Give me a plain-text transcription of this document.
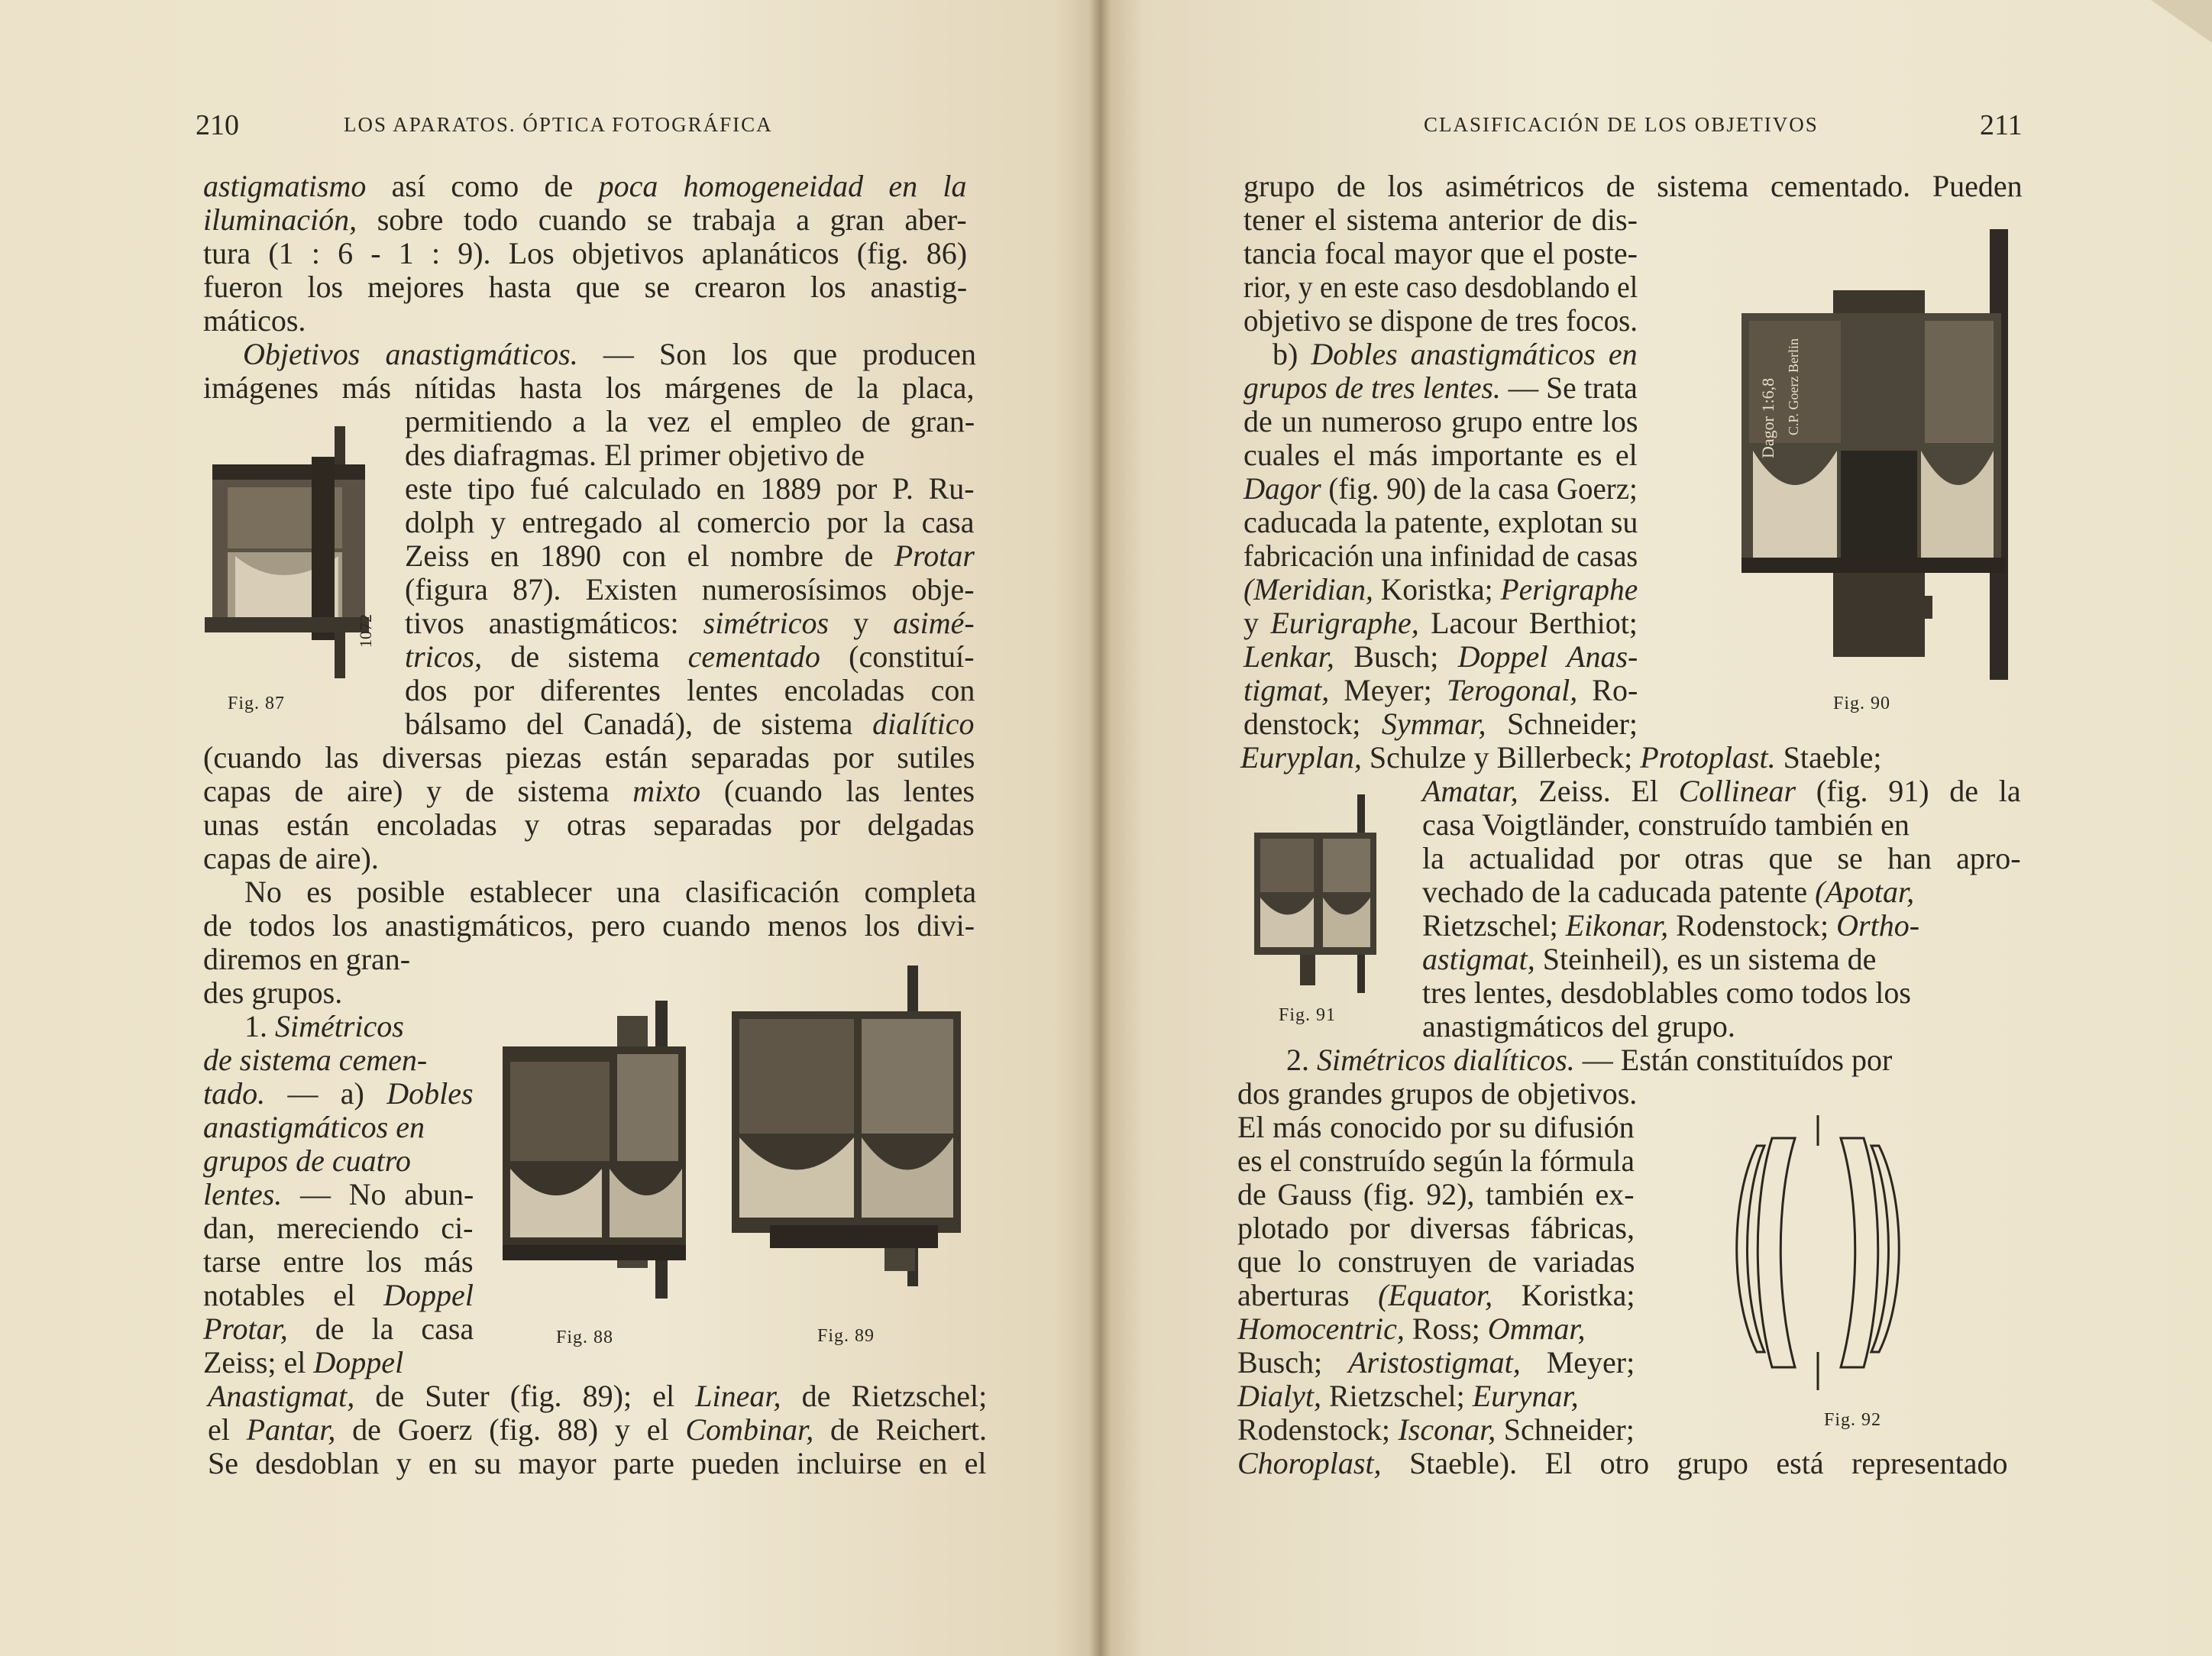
210	LOS APARATOS. ÓPTICA FOTOGRÁFICA
1072
Fig. 87
Fig. 88	Fig. 89
astigmatismo así como de poca homogeneidad en la
iluminación, sobre todo cuando se trabaja a gran aber-
tura (1 : 6 - 1 : 9). Los objetivos aplanáticos (fig. 86)
fueron los mejores hasta que se crearon los anastig-
máticos.
Objetivos anastigmáticos. — Son los que producen
imágenes más nítidas hasta los márgenes de la placa,
permitiendo a la vez el empleo de gran-
des diafragmas. El primer objetivo de
este tipo fué calculado en 1889 por P. Ru-
dolph y entregado al comercio por la casa
Zeiss en 1890 con el nombre de Protar
(figura 87). Existen numerosísimos obje-
tivos anastigmáticos: simétricos y asimé-
tricos, de sistema cementado (constituí-
dos por diferentes lentes encoladas con
bálsamo del Canadá), de sistema dialítico
(cuando las diversas piezas están separadas por sutiles
capas de aire) y de sistema mixto (cuando las lentes
unas están encoladas y otras separadas por delgadas
capas de aire).
No es posible establecer una clasificación completa
de todos los anastigmáticos, pero cuando menos los divi-
diremos en gran-
des grupos.
1. Simétricos
de sistema cemen-
tado. — a) Dobles
anastigmáticos en
grupos de cuatro
lentes. — No abun-
dan, mereciendo ci-
tarse entre los más
notables el Doppel
Protar, de la casa
Zeiss; el Doppel
Anastigmat, de Suter (fig. 89); el Linear, de Rietzschel;
el Pantar, de Goerz (fig. 88) y el Combinar, de Reichert.
Se desdoblan y en su mayor parte pueden incluirse en el
CLASIFICACIÓN DE LOS OBJETIVOS	211
Dagor 1:6,8 C.P. Goerz Berlin
Fig. 90
Fig. 91
Fig. 92
grupo de los asimétricos de sistema cementado. Pueden
tener el sistema anterior de dis-
tancia focal mayor que el poste-
rior, y en este caso desdoblando el
objetivo se dispone de tres focos.
b) Dobles anastigmáticos en
grupos de tres lentes. — Se trata
de un numeroso grupo entre los
cuales el más importante es el
Dagor (fig. 90) de la casa Goerz;
caducada la patente, explotan su
fabricación una infinidad de casas
(Meridian, Koristka; Perigraphe
y Eurigraphe, Lacour Berthiot;
Lenkar, Busch; Doppel Anas-
tigmat, Meyer; Terogonal, Ro-
denstock; Symmar, Schneider;
Euryplan, Schulze y Billerbeck; Protoplast. Staeble;
Amatar, Zeiss. El Collinear (fig. 91) de la
casa Voigtländer, construído también en
la actualidad por otras que se han apro-
vechado de la caducada patente (Apotar,
Rietzschel; Eikonar, Rodenstock; Ortho-
astigmat, Steinheil), es un sistema de
tres lentes, desdoblables como todos los
anastigmáticos del grupo.
2. Simétricos dialíticos. — Están constituídos por
dos grandes grupos de objetivos.
El más conocido por su difusión
es el construído según la fórmula
de Gauss (fig. 92), también ex-
plotado por diversas fábricas,
que lo construyen de variadas
aberturas (Equator, Koristka;
Homocentric, Ross; Ommar,
Busch; Aristostigmat, Meyer;
Dialyt, Rietzschel; Eurynar,
Rodenstock; Isconar, Schneider;
Choroplast, Staeble). El otro grupo está representado
